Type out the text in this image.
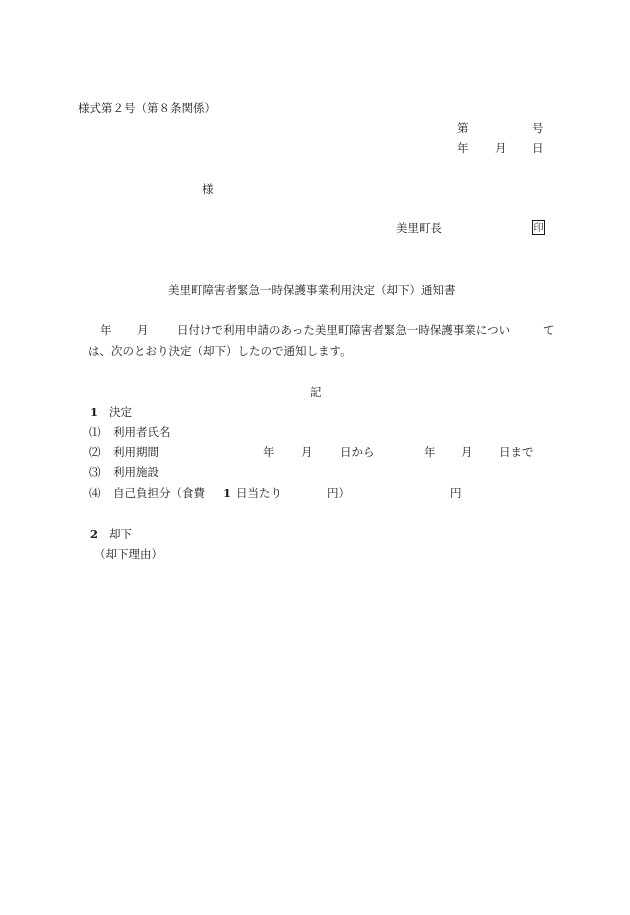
様式第２号（第８条関係）
第	号
年 月 日
様
美里町長	印
美里町障害者緊急一時保護事業利用決定（却下）通知書
年 月 日付けで利用申請のあった美里町障害者緊急一時保護事業につい	て
は、次のとおり決定（却下）したので通知します。
記
1 決定
⑴ 利用者氏名
⑵ 利用期間	年 月 日から	年 月 日まで
⑶ 利用施設
⑷ 自己負担分（食費 1 日当たり	円）	円
2 却下
（却下理由）
